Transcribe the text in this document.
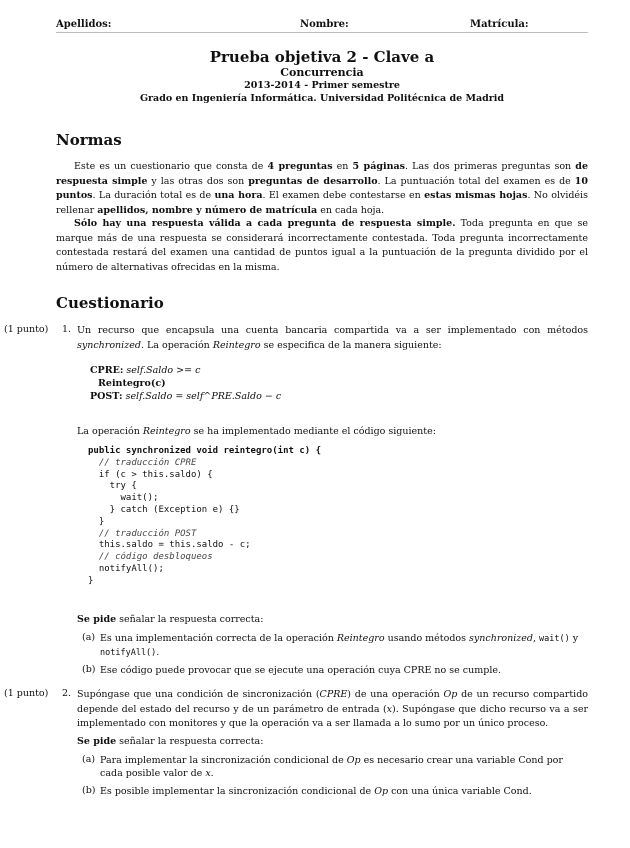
Apellidos:	Nombre:	Matrícula:
Prueba objetiva 2 - Clave a
Concurrencia
2013-2014 - Primer semestre
Grado en Ingeniería Informática. Universidad Politécnica de Madrid
Normas

Este es un cuestionario que consta de 4 preguntas en 5 páginas. Las dos primeras preguntas son de respuesta simple y las otras dos son preguntas de desarrollo. La puntuación total del examen es de 10 puntos. La duración total es de una hora. El examen debe contestarse en estas mismas hojas. No olvidéis rellenar apellidos, nombre y número de matrícula en cada hoja.

Sólo hay una respuesta válida a cada pregunta de respuesta simple. Toda pregunta en que se marque más de una respuesta se considerará incorrectamente contestada. Toda pregunta incorrectamente contestada restará del examen una cantidad de puntos igual a la puntuación de la pregunta dividido por el número de alternativas ofrecidas en la misma.

Cuestionario
(1 punto) 1. Un recurso que encapsula una cuenta bancaria compartida va a ser implementado con métodos synchronized. La operación Reintegro se especifica de la manera siguiente:

CPRE: self.Saldo >= c
Reintegro(c)
POST: self.Saldo = self^PRE.Saldo − c
La operación Reintegro se ha implementado mediante el código siguiente:
public synchronized void reintegro(int c) {
// traducción CPRE
if (c > this.saldo) {
try {
wait();
} catch (Exception e) {}
}
// traducción POST
this.saldo = this.saldo - c;
// código desbloqueos
notifyAll();
}
Se pide señalar la respuesta correcta:
(a) Es una implementación correcta de la operación Reintegro usando métodos synchronized, wait() y notifyAll().

(b) Ese código puede provocar que se ejecute una operación cuya CPRE no se cumple.

(1 punto) 2. Supóngase que una condición de sincronización (CPRE) de una operación Op de un recurso compartido depende del estado del recurso y de un parámetro de entrada (x). Supóngase que dicho recurso va a ser implementado con monitores y que la operación va a ser llamada a lo sumo por un único proceso.

Se pide señalar la respuesta correcta:
(a) Para implementar la sincronización condicional de Op es necesario crear una variable Cond por cada posible valor de x.

(b) Es posible implementar la sincronización condicional de Op con una única variable Cond.
